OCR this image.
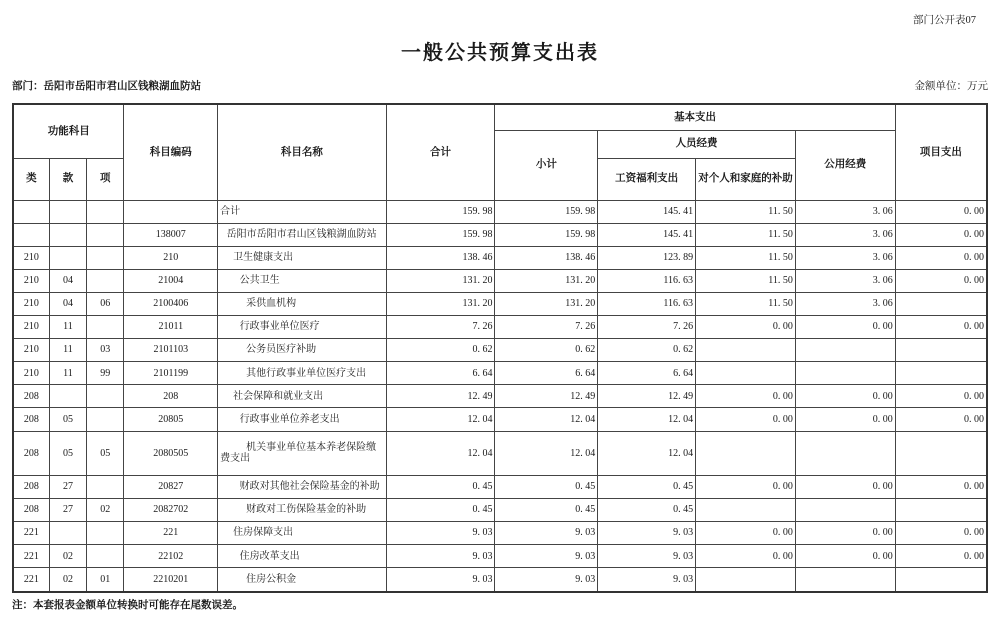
部门公开表07
一般公共预算支出表
部门：岳阳市岳阳市君山区钱粮湖血防站	金额单位：万元
功能科目			科目编码	科目名称	合计	基本支出				项目支出
						小计	人员经费		公用经费	
类	款	项					工资福利支出	对个人和家庭的补助		
				合计	159. 98	159. 98	145. 41	11. 50	3. 06	0. 00
			138007	岳阳市岳阳市君山区钱粮湖血防站	159. 98	159. 98	145. 41	11. 50	3. 06	0. 00
210			210	卫生健康支出	138. 46	138. 46	123. 89	11. 50	3. 06	0. 00
210	04		21004	公共卫生	131. 20	131. 20	116. 63	11. 50	3. 06	0. 00
210	04	06	2100406	采供血机构	131. 20	131. 20	116. 63	11. 50	3. 06	
210	11		21011	行政事业单位医疗	7. 26	7. 26	7. 26	0. 00	0. 00	0. 00
210	11	03	2101103	公务员医疗补助	0. 62	0. 62	0. 62			
210	11	99	2101199	其他行政事业单位医疗支出	6. 64	6. 64	6. 64			
208			208	社会保障和就业支出	12. 49	12. 49	12. 49	0. 00	0. 00	0. 00
208	05		20805	行政事业单位养老支出	12. 04	12. 04	12. 04	0. 00	0. 00	0. 00
208	05	05	2080505	机关事业单位基本养老保险缴费支出	12. 04	12. 04	12. 04			
208	27		20827	财政对其他社会保险基金的补助	0. 45	0. 45	0. 45	0. 00	0. 00	0. 00
208	27	02	2082702	财政对工伤保险基金的补助	0. 45	0. 45	0. 45			
221			221	住房保障支出	9. 03	9. 03	9. 03	0. 00	0. 00	0. 00
221	02		22102	住房改革支出	9. 03	9. 03	9. 03	0. 00	0. 00	0. 00
221	02	01	2210201	住房公积金	9. 03	9. 03	9. 03			
注：本套报表金额单位转换时可能存在尾数误差。
